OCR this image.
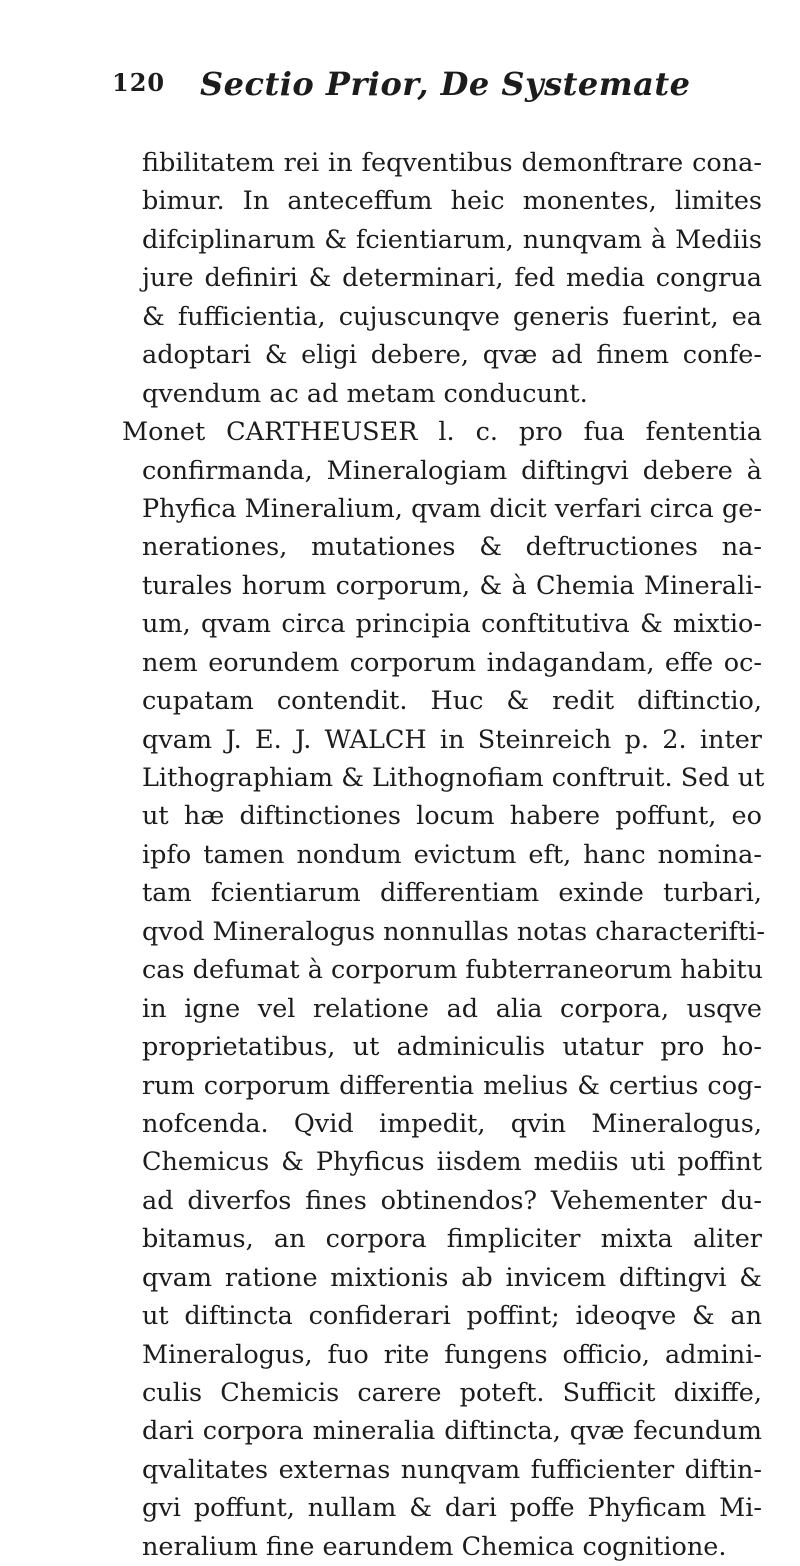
120 Sectio Prior, De Systemate
fibilitatem rei in feqventibus demonftrare cona-
bimur. In anteceffum heic monentes, limites
difciplinarum & fcientiarum, nunqvam à Mediis
jure definiri & determinari, fed media congrua
& fufficientia, cujuscunqve generis fuerint, ea
adoptari & eligi debere, qvæ ad finem confe-
qvendum ac ad metam conducunt.
Monet CARTHEUSER l. c. pro fua fententia
confirmanda, Mineralogiam diftingvi debere à
Phyfica Mineralium, qvam dicit verfari circa ge-
nerationes, mutationes & deftructiones na-
turales horum corporum, & à Chemia Minerali-
um, qvam circa principia conftitutiva & mixtio-
nem eorundem corporum indagandam, effe oc-
cupatam contendit. Huc & redit diftinctio,
qvam J. E. J. WALCH in Steinreich p. 2. inter
Lithographiam & Lithognofiam conftruit. Sed ut
ut hæ diftinctiones locum habere poffunt, eo
ipfo tamen nondum evictum eft, hanc nomina-
tam fcientiarum differentiam exinde turbari,
qvod Mineralogus nonnullas notas characterifti-
cas defumat à corporum fubterraneorum habitu
in igne vel relatione ad alia corpora, usqve
proprietatibus, ut adminiculis utatur pro ho-
rum corporum differentia melius & certius cog-
nofcenda. Qvid impedit, qvin Mineralogus,
Chemicus & Phyficus iisdem mediis uti poffint
ad diverfos fines obtinendos? Vehementer du-
bitamus, an corpora fimpliciter mixta aliter
qvam ratione mixtionis ab invicem diftingvi &
ut diftincta confiderari poffint; ideoqve & an
Mineralogus, fuo rite fungens officio, admini-
culis Chemicis carere poteft. Sufficit dixiffe,
dari corpora mineralia diftincta, qvæ fecundum
qvalitates externas nunqvam fufficienter diftin-
gvi poffunt, nullam & dari poffe Phyficam Mi-
neralium fine earundem Chemica cognitione.
